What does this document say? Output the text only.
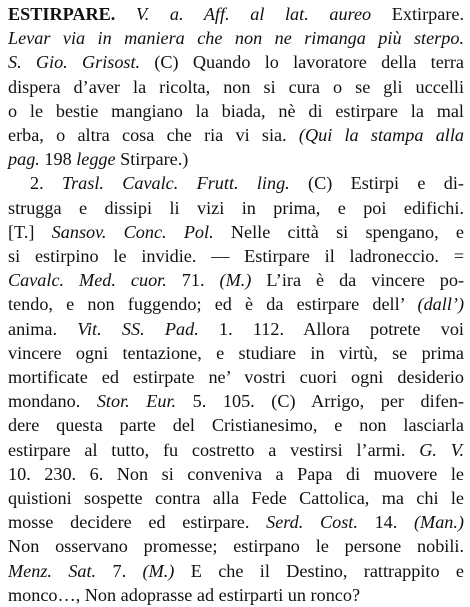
ESTIRPARE. V. a. Aff. al lat. aureo Extirpare.
Levar via in maniera che non ne rimanga più sterpo.
S. Gio. Grisost. (C) Quando lo lavoratore della terra
dispera d’aver la ricolta, non si cura o se gli uccelli
o le bestie mangiano la biada, nè di estirpare la mal
erba, o altra cosa che ria vi sia. (Qui la stampa alla
pag. 198 legge Stirpare.)
2. Trasl. Cavalc. Frutt. ling. (C) Estirpi e di-
strugga e dissipi li vizi in prima, e poi edifichi.
[T.] Sansov. Conc. Pol. Nelle città si spengano, e
si estirpino le invidie. — Estirpare il ladroneccio. =
Cavalc. Med. cuor. 71. (M.) L’ira è da vincere po-
tendo, e non fuggendo; ed è da estirpare dell’ (dall’)
anima. Vit. SS. Pad. 1. 112. Allora potrete voi
vincere ogni tentazione, e studiare in virtù, se prima
mortificate ed estirpate ne’ vostri cuori ogni desiderio
mondano. Stor. Eur. 5. 105. (C) Arrigo, per difen-
dere questa parte del Cristianesimo, e non lasciarla
estirpare al tutto, fu costretto a vestirsi l’armi. G. V.
10. 230. 6. Non si conveniva a Papa di muovere le
quistioni sospette contra alla Fede Cattolica, ma chi le
mosse decidere ed estirpare. Serd. Cost. 14. (Man.)
Non osservano promesse; estirpano le persone nobili.
Menz. Sat. 7. (M.) E che il Destino, rattrappito e
monco…, Non adoprasse ad estirparti un ronco?
